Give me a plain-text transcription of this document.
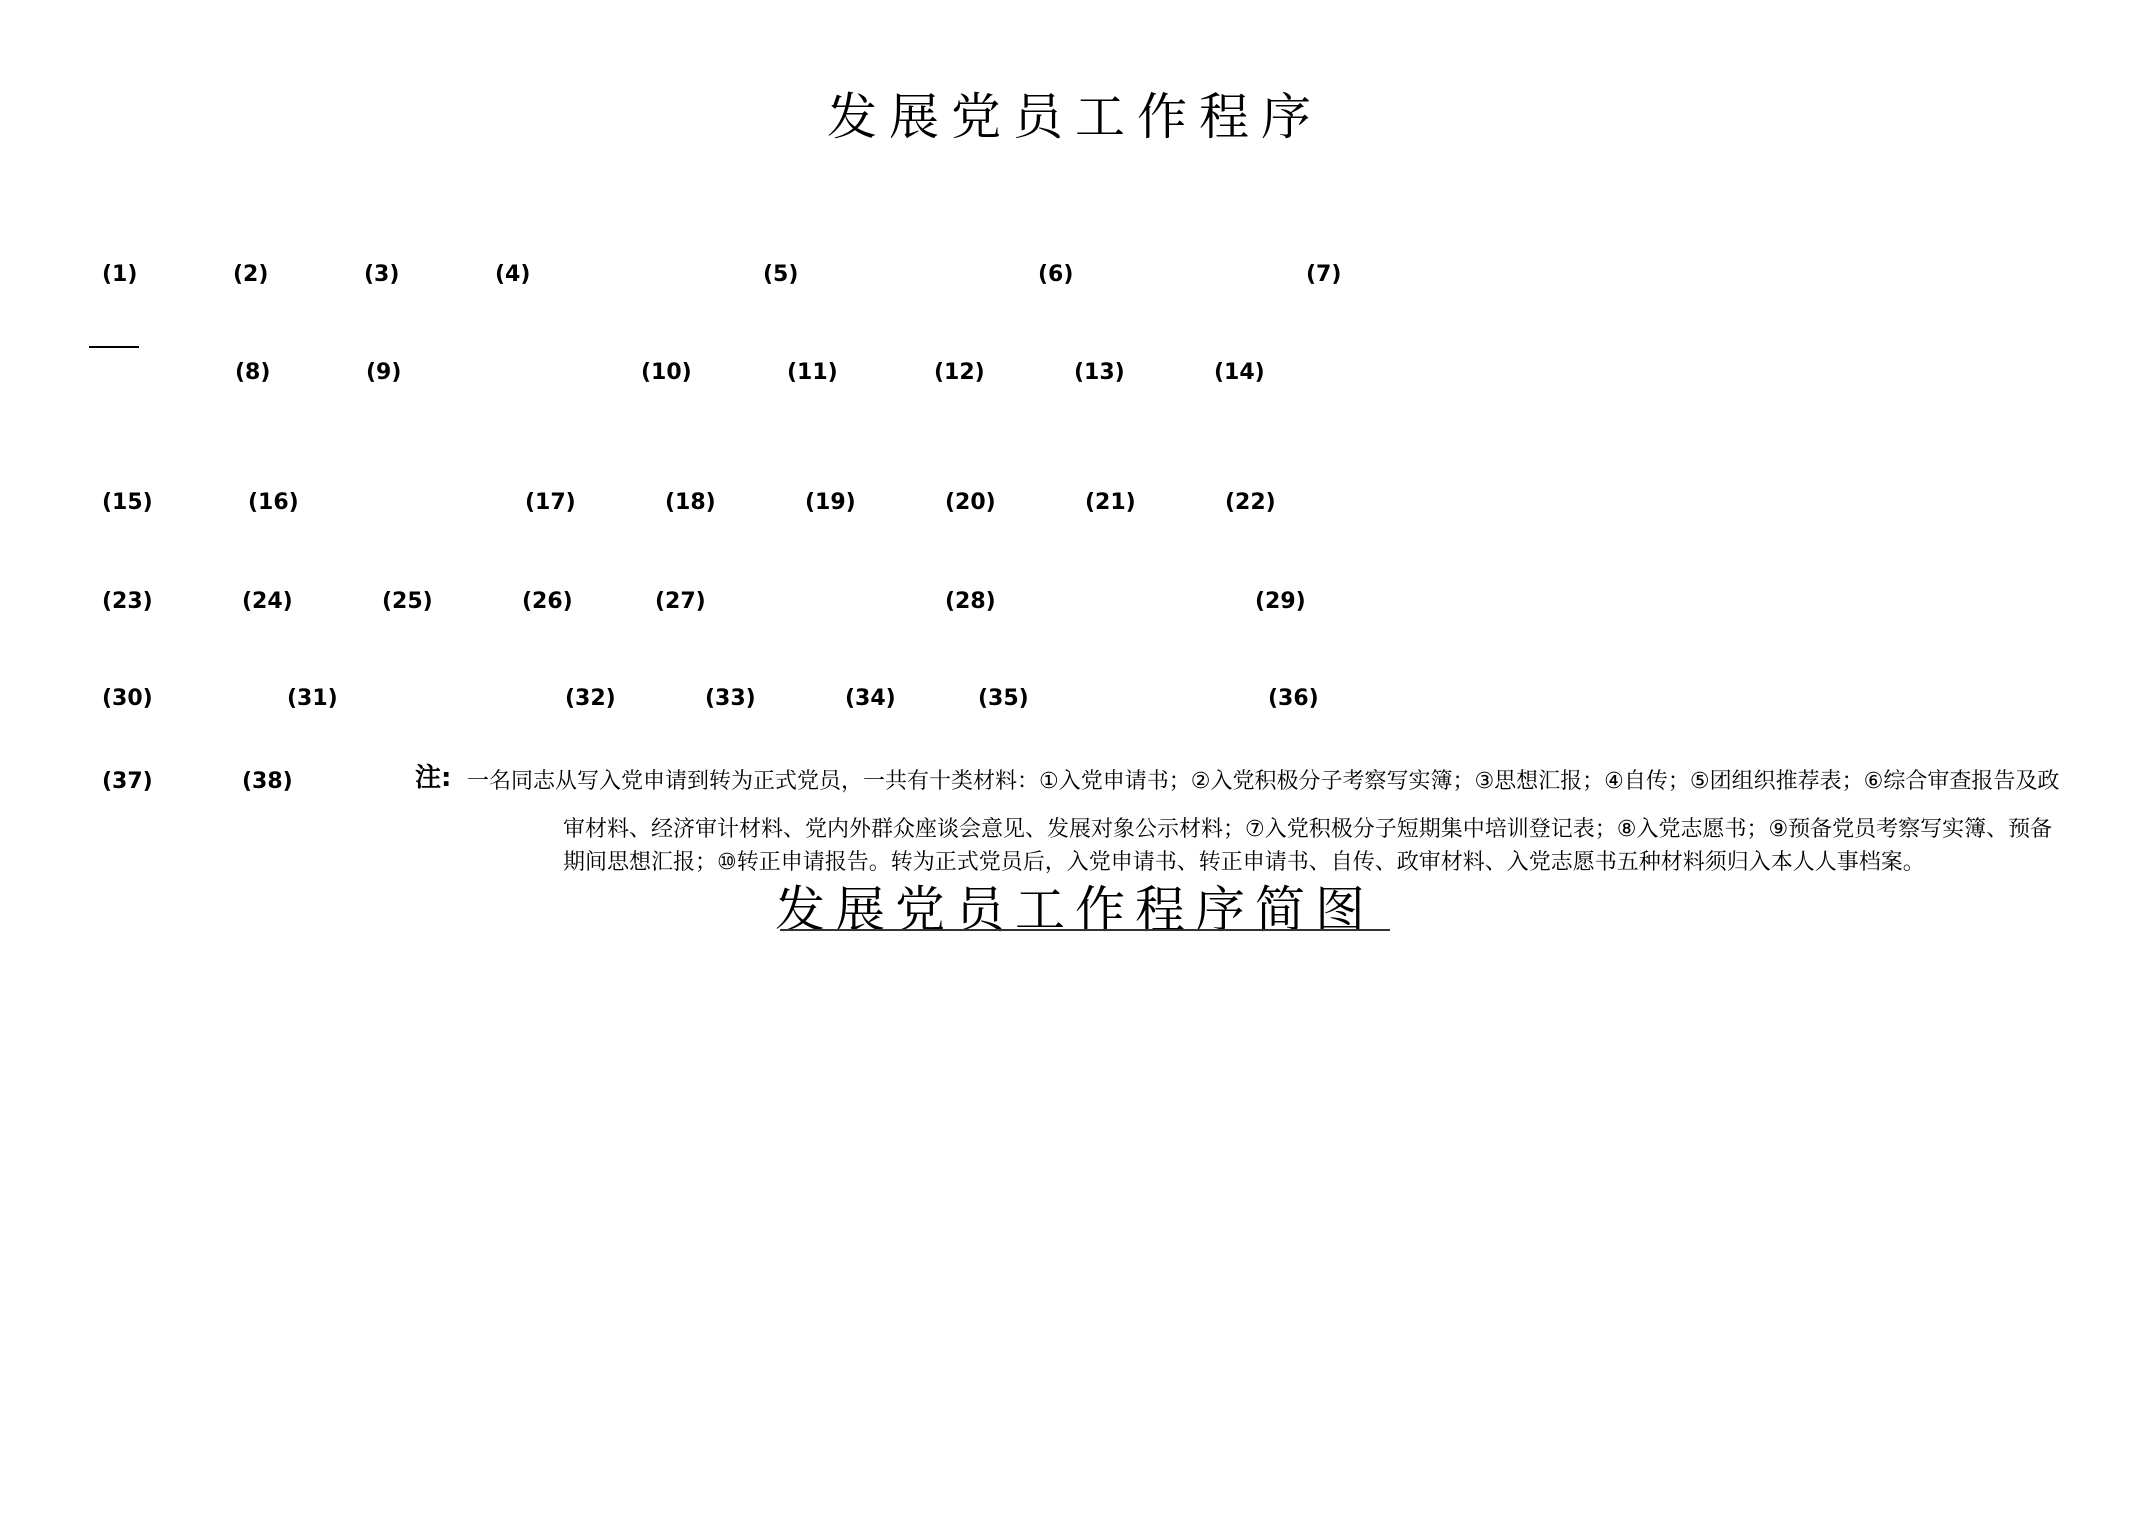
发展党员工作程序
(1)	(2)	(3)	(4)	(5)	(6)	(7)
(8)	(9)	(10)	(11)	(12)	(13)	(14)
(15)	(16)	(17)	(18)	(19)	(20)	(21)	(22)
(23)	(24)	(25)	(26)	(27)	(28)	(29)
(30)	(31)	(32)	(33)	(34)	(35)	(36)
(37)	(38)	注: 一名同志从写入党申请到转为正式党员，一共有十类材料：①入党申请书；②入党积极分子考察写实簿；③思想汇报；④自传；⑤团组织推荐表；⑥综合审查报告及政
审材料、经济审计材料、党内外群众座谈会意见、发展对象公示材料；⑦入党积极分子短期集中培训登记表；⑧入党志愿书；⑨预备党员考察写实簿、预备
期间思想汇报；⑩转正申请报告。转为正式党员后，入党申请书、转正申请书、自传、政审材料、入党志愿书五种材料须归入本人人事档案。
发展党员工作程序简图
